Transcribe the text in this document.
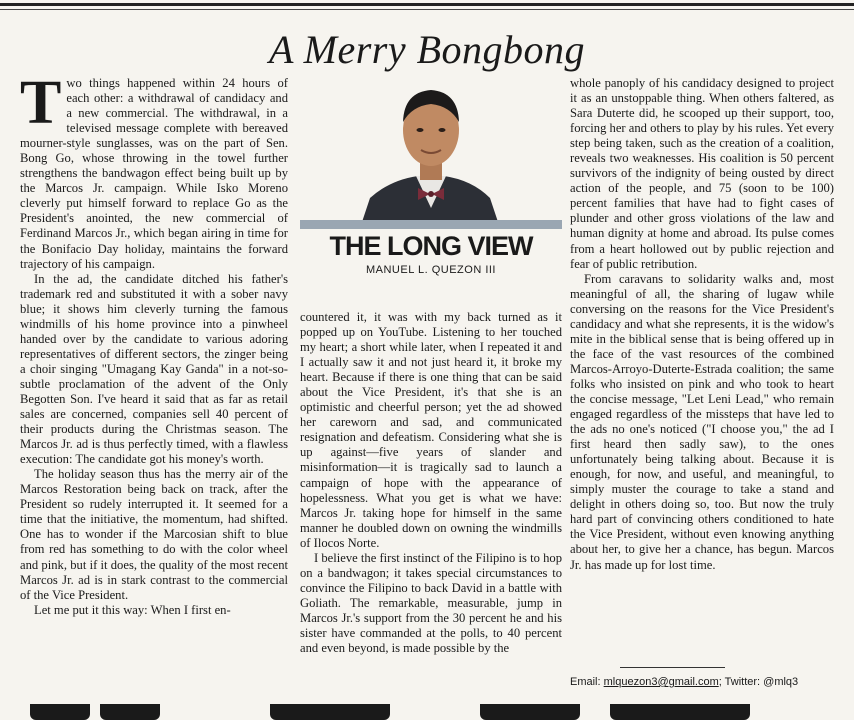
A Merry Bongbong

Two things happened within 24 hours of each other: a withdrawal of candidacy and a new commercial. The withdrawal, in a televised message complete with bereaved mourner-style sunglasses, was on the part of Sen. Bong Go, whose throwing in the towel further strengthens the bandwagon effect being built up by the Marcos Jr. campaign. While Isko Moreno cleverly put himself forward to replace Go as the President's anointed, the new commercial of Ferdinand Marcos Jr., which began airing in time for the Bonifacio Day holiday, maintains the forward trajectory of his campaign.

In the ad, the candidate ditched his father's trademark red and substituted it with a sober navy blue; it shows him cleverly turning the famous windmills of his home province into a pinwheel handed over by the candidate to various adoring representatives of different sectors, the zinger being a choir singing "Umagang Kay Ganda" in a not-so-subtle proclamation of the advent of the Only Begotten Son. I've heard it said that as far as retail sales are concerned, companies sell 40 percent of their products during the Christmas season. The Marcos Jr. ad is thus perfectly timed, with a flawless execution: The candidate got his money's worth.

The holiday season thus has the merry air of the Marcos Restoration being back on track, after the President so rudely interrupted it. It seemed for a time that the initiative, the momentum, had shifted. One has to wonder if the Marcosian shift to blue from red has something to do with the color wheel and pink, but if it does, the quality of the most recent Marcos Jr. ad is in stark contrast to the commercial of the Vice President.

Let me put it this way: When I first en-

THE LONG VIEW
MANUEL L. QUEZON III

countered it, it was with my back turned as it popped up on YouTube. Listening to her touched my heart; a short while later, when I repeated it and I actually saw it and not just heard it, it broke my heart. Because if there is one thing that can be said about the Vice President, it's that she is an optimistic and cheerful person; yet the ad showed her careworn and sad, and communicated resignation and defeatism. Considering what she is up against—five years of slander and misinformation—it is tragically sad to launch a campaign of hope with the appearance of hopelessness. What you get is what we have: Marcos Jr. taking hope for himself in the same manner he doubled down on owning the windmills of Ilocos Norte.

I believe the first instinct of the Filipino is to hop on a bandwagon; it takes special circumstances to convince the Filipino to back David in a battle with Goliath. The remarkable, measurable, jump in Marcos Jr.'s support from the 30 percent he and his sister have commanded at the polls, to 40 percent and even beyond, is made possible by the

whole panoply of his candidacy designed to project it as an unstoppable thing. When others faltered, as Sara Duterte did, he scooped up their support, too, forcing her and others to play by his rules. Yet every step being taken, such as the creation of a coalition, reveals two weaknesses. His coalition is 50 percent survivors of the indignity of being ousted by direct action of the people, and 75 (soon to be 100) percent families that have had to fight cases of plunder and other gross violations of the law and human dignity at home and abroad. Its pulse comes from a heart hollowed out by public rejection and fear of public retribution.

From caravans to solidarity walks and, most meaningful of all, the sharing of lugaw while conversing on the reasons for the Vice President's candidacy and what she represents, it is the widow's mite in the biblical sense that is being offered up in the face of the vast resources of the combined Marcos-Arroyo-Duterte-Estrada coalition; the same folks who insisted on pink and who took to heart the concise message, "Let Leni Lead," who remain engaged regardless of the missteps that have led to the ads no one's noticed ("I choose you," the ad I first heard then sadly saw), to the ones unfortunately being talking about. Because it is enough, for now, and useful, and meaningful, to simply muster the courage to take a stand and delight in others doing so, too. But now the truly hard part of convincing others conditioned to hate the Vice President, without even knowing anything about her, to give her a chance, has begun. Marcos Jr. has made up for lost time.

Email: mlquezon3@gmail.com; Twitter: @mlq3
